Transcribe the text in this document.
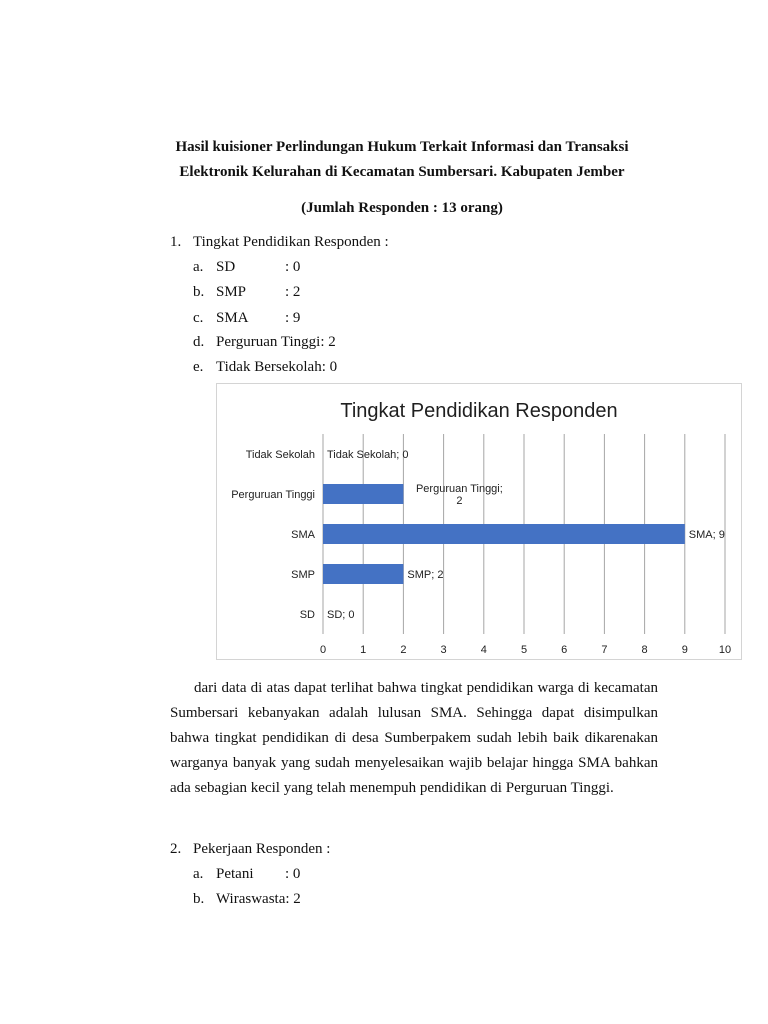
Hasil kuisioner Perlindungan Hukum Terkait Informasi dan Transaksi
Elektronik Kelurahan di Kecamatan Sumbersari. Kabupaten Jember
(Jumlah Responden : 13 orang)
1. Tingkat Pendidikan Responden :
a. SD	: 0
b. SMP	: 2
c. SMA : 9
d. Perguruan Tinggi: 2
e. Tidak Bersekolah: 0
Tingkat Pendidikan Responden
SD
SMP
SMA
Perguruan Tinggi
Tidak Sekolah
0	1	2	3	4	5	6	7	8	9	10
SD; 0
SMP; 2
SMA; 9
Perguruan Tinggi; 2
Tidak Sekolah; 0

dari data di atas dapat terlihat bahwa tingkat pendidikan warga di kecamatan Sumbersari kebanyakan adalah lulusan SMA. Sehingga dapat disimpulkan bahwa tingkat pendidikan di desa Sumberpakem sudah lebih baik dikarenakan warganya banyak yang sudah menyelesaikan wajib belajar hingga SMA bahkan ada sebagian kecil yang telah menempuh pendidikan di Perguruan Tinggi.

2. Pekerjaan Responden :
a. Petani : 0
b. Wiraswasta: 2
